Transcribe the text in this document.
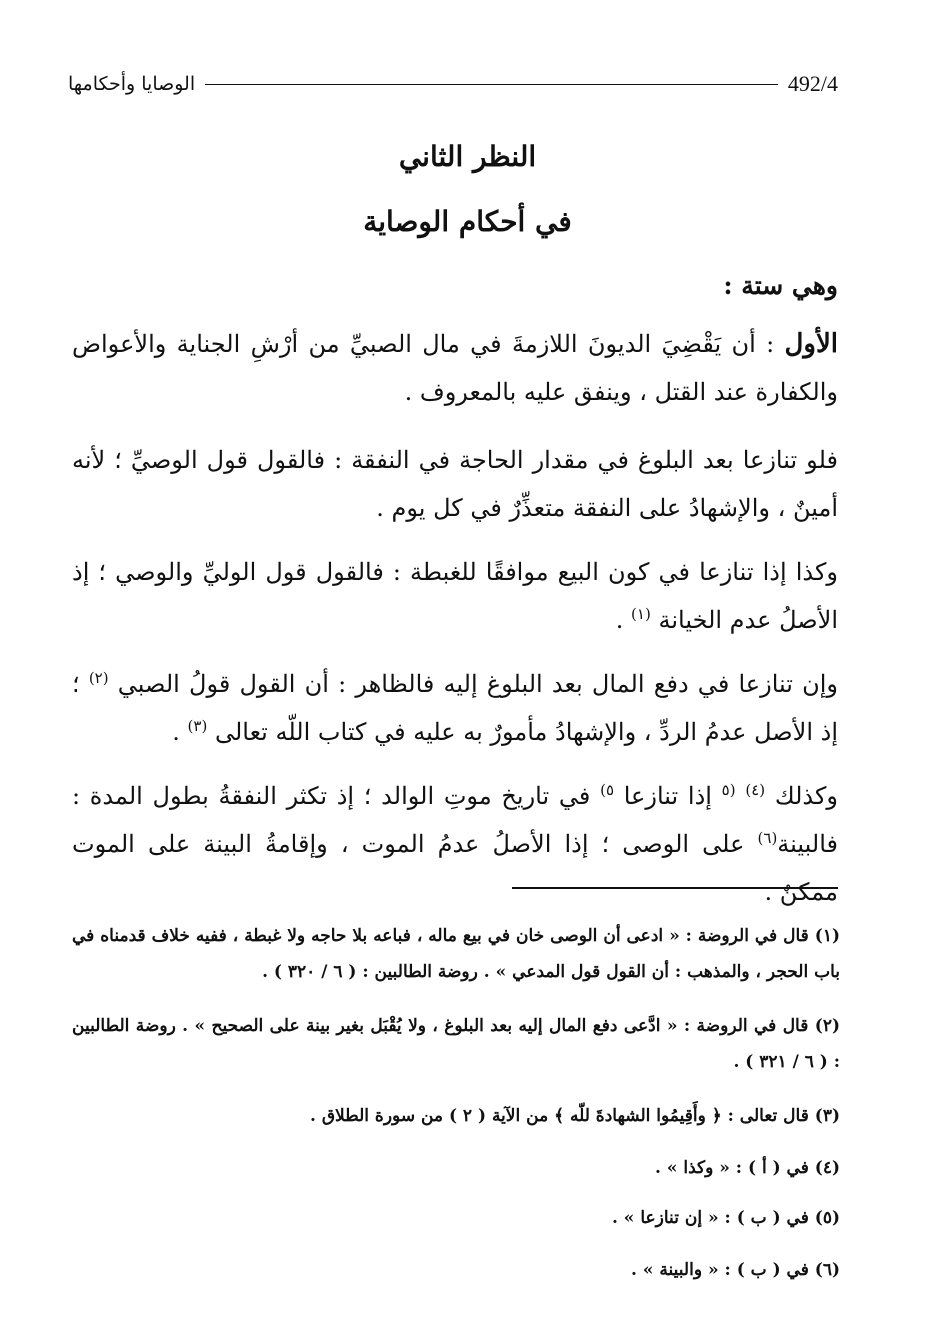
الوصايا وأحكامها	492/4
النظر الثاني
في أحكام الوصاية
وهي ستة :
الأول : أن يَقْضِيَ الديونَ اللازمةَ في مال الصبيِّ من أرْشِ الجناية والأعواض والكفارة عند القتل ، وينفق عليه بالمعروف .
فلو تنازعا بعد البلوغ في مقدار الحاجة في النفقة : فالقول قول الوصيِّ ؛ لأنه أمينٌ ، والإشهادُ على النفقة متعذِّرٌ في كل يوم .
وكذا إذا تنازعا في كون البيع موافقًا للغبطة : فالقول قول الوليِّ والوصي ؛ إذ الأصلُ عدم الخيانة $^{(١)}$ .
وإن تنازعا في دفع المال بعد البلوغ إليه فالظاهر : أن القول قولُ الصبي $^{(٢)}$ ؛ إذ الأصل عدمُ الردِّ ، والإشهادُ مأمورٌ به عليه في كتاب اللّه تعالى $^{(٣)}$ .
وكذلك $^{(٤)}$ $^{(٥}$ إذا تنازعا $^{٥)}$ في تاريخ موتِ الوالد ؛ إذ تكثر النفقةُ بطول المدة : فالبينة$^{(٦)}$ على الوصى ؛ إذا الأصلُ عدمُ الموت ، وإقامةُ البينة على الموت ممكنٌ .
(١) قال في الروضة : « ادعى أن الوصى خان في بيع ماله ، فباعه بلا حاجه ولا غبطة ، ففيه خلاف قدمناه في باب الحجر ، والمذهب : أن القول قول المدعي » . روضة الطالبين : ( ٦ / ٣٢٠ ) .
(٢) قال في الروضة : « ادَّعى دفع المال إليه بعد البلوغ ، ولا يُقْبَل بغير بينة على الصحيح » . روضة الطالبين : ( ٦ / ٣٢١ ) .
(٣) قال تعالى : ﴿ وأَقِيمُوا الشهادةَ للّه ﴾ من الآية ( ٢ ) من سورة الطلاق .
(٤) في ( أ ) : « وكذا » .
(٥) في ( ب ) : « إن تنازعا » .
(٦) في ( ب ) : « والبينة » .
